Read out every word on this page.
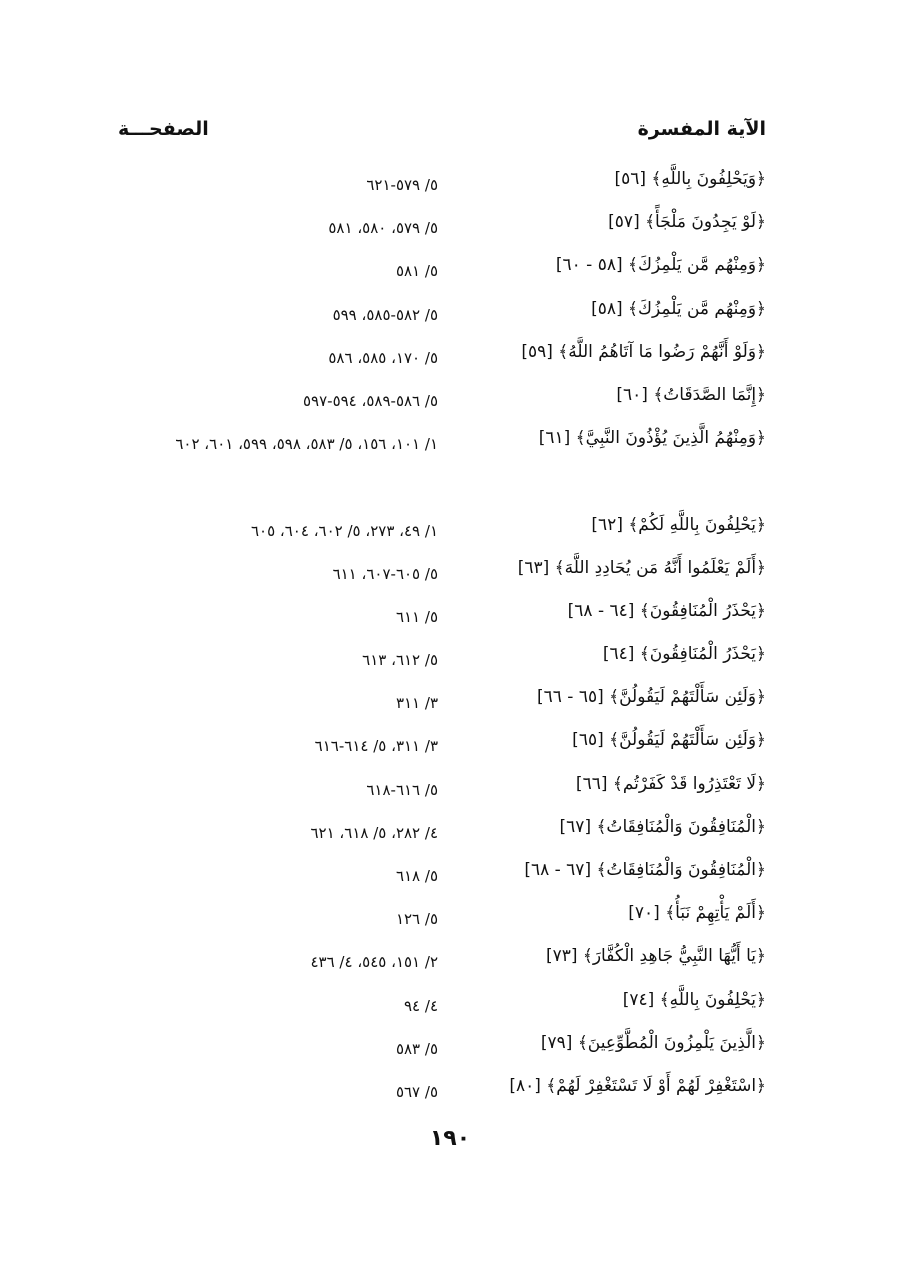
الآية المفسرة
الصفحـــة
﴿وَيَحْلِفُونَ بِاللَّهِ﴾ [٥٦]
٥/ ٥٧٩-٦٢١
﴿لَوْ يَجِدُونَ مَلْجَأً﴾ [٥٧]
٥/ ٥٧٩، ٥٨٠، ٥٨١
﴿وَمِنْهُم مَّن يَلْمِزُكَ﴾ [٥٨ - ٦٠]
٥/ ٥٨١
﴿وَمِنْهُم مَّن يَلْمِزُكَ﴾ [٥٨]
٥/ ٥٨٢-٥٨٥، ٥٩٩
﴿وَلَوْ أَنَّهُمْ رَضُوا مَا آتَاهُمُ اللَّهُ﴾ [٥٩]
٥/ ١٧٠، ٥٨٥، ٥٨٦
﴿إِنَّمَا الصَّدَقَاتُ﴾ [٦٠]
٥/ ٥٨٦-٥٨٩، ٥٩٤-٥٩٧
﴿وَمِنْهُمُ الَّذِينَ يُؤْذُونَ النَّبِيَّ﴾ [٦١]
١/ ١٠١، ١٥٦، ٥/ ٥٨٣، ٥٩٨، ٥٩٩، ٦٠١، ٦٠٢
﴿يَحْلِفُونَ بِاللَّهِ لَكُمْ﴾ [٦٢]
١/ ٤٩، ٢٧٣، ٥/ ٦٠٢، ٦٠٤، ٦٠٥
﴿أَلَمْ يَعْلَمُوا أَنَّهُ مَن يُحَادِدِ اللَّهَ﴾ [٦٣]
٥/ ٦٠٥-٦٠٧، ٦١١
﴿يَحْذَرُ الْمُنَافِقُونَ﴾ [٦٤ - ٦٨]
٥/ ٦١١
﴿يَحْذَرُ الْمُنَافِقُونَ﴾ [٦٤]
٥/ ٦١٢، ٦١٣
﴿وَلَئِن سَأَلْتَهُمْ لَيَقُولُنَّ﴾ [٦٥ - ٦٦]
٣/ ٣١١
﴿وَلَئِن سَأَلْتَهُمْ لَيَقُولُنَّ﴾ [٦٥]
٣/ ٣١١، ٥/ ٦١٤-٦١٦
﴿لَا تَعْتَذِرُوا قَدْ كَفَرْتُم﴾ [٦٦]
٥/ ٦١٦-٦١٨
﴿الْمُنَافِقُونَ وَالْمُنَافِقَاتُ﴾ [٦٧]
٤/ ٢٨٢، ٥/ ٦١٨، ٦٢١
﴿الْمُنَافِقُونَ وَالْمُنَافِقَاتُ﴾ [٦٧ - ٦٨]
٥/ ٦١٨
﴿أَلَمْ يَأْتِهِمْ نَبَأُ﴾ [٧٠]
٥/ ١٢٦
﴿يَا أَيُّهَا النَّبِيُّ جَاهِدِ الْكُفَّارَ﴾ [٧٣]
٢/ ١٥١، ٥٤٥، ٤/ ٤٣٦
﴿يَحْلِفُونَ بِاللَّهِ﴾ [٧٤]
٤/ ٩٤
﴿الَّذِينَ يَلْمِزُونَ الْمُطَّوِّعِينَ﴾ [٧٩]
٥/ ٥٨٣
﴿اسْتَغْفِرْ لَهُمْ أَوْ لَا تَسْتَغْفِرْ لَهُمْ﴾ [٨٠]
٥/ ٥٦٧
١٩٠
